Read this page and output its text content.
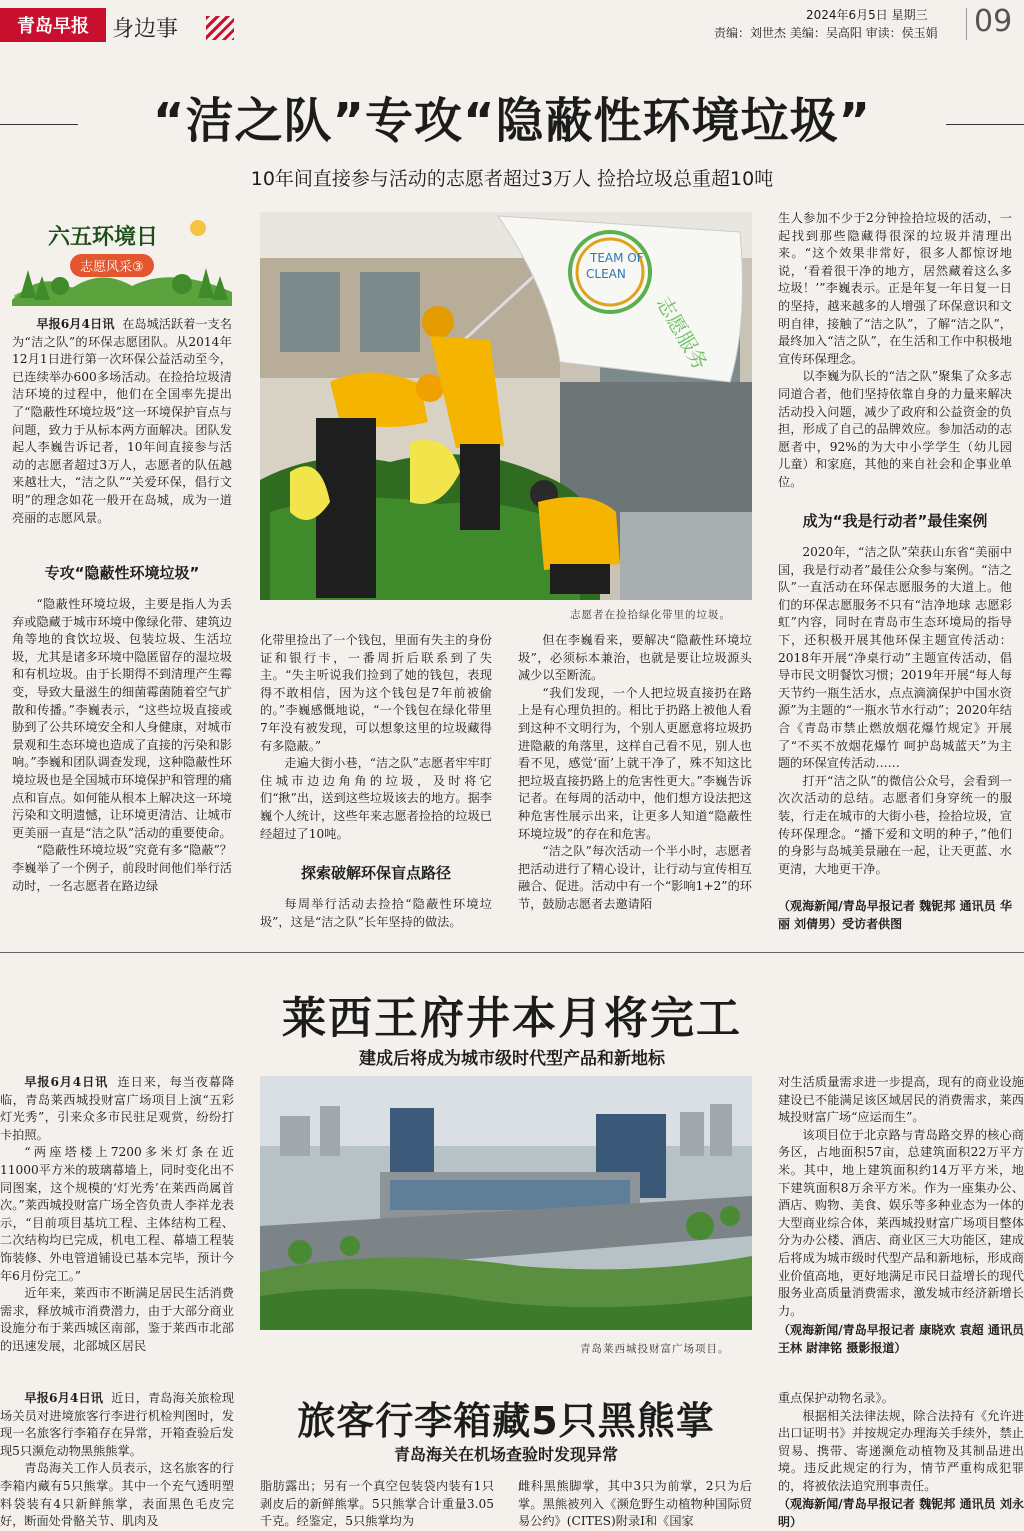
青岛早报	身边事
2024年6月5日 星期三
责编：刘世杰 美编：吴高阳 审读：侯玉娟 09
“洁之队”专攻“隐蔽性环境垃圾”
10年间直接参与活动的志愿者超过3万人 捡拾垃圾总重超10吨
六五环境日
志愿风采③

早报6月4日讯 在岛城活跃着一支名为“洁之队”的环保志愿团队。从2014年12月1日进行第一次环保公益活动至今，已连续举办600多场活动。在捡拾垃圾清洁环境的过程中，他们在全国率先提出了“隐蔽性环境垃圾”这一环境保护盲点与问题，致力于从标本两方面解决。团队发起人李巍告诉记者，10年间直接参与活动的志愿者超过3万人，志愿者的队伍越来越壮大，“洁之队”“关爱环保，倡行文明”的理念如花一般开在岛城，成为一道亮丽的志愿风景。

专攻“隐蔽性环境垃圾”

“隐蔽性环境垃圾，主要是指人为丢弃或隐藏于城市环境中像绿化带、建筑边角等地的食饮垃圾、包装垃圾、生活垃圾，尤其是诸多环境中隐匿留存的湿垃圾和有机垃圾。由于长期得不到清理产生霉变，导致大量滋生的细菌霉菌随着空气扩散和传播。”李巍表示，“这些垃圾直接或胁到了公共环境安全和人身健康，对城市景观和生态环境也造成了直接的污染和影响。”李巍和团队调查发现，这种隐蔽性环境垃圾也是全国城市环境保护和管理的痛点和盲点。如何能从根本上解决这一环境污染和文明遗憾，让环境更清洁、让城市更美丽一直是“洁之队”活动的重要使命。

“隐蔽性环境垃圾”究竟有多“隐蔽”？李巍举了一个例子，前段时间他们举行活动时，一名志愿者在路边绿

TEAM OF
CLEAN
志愿服务
志愿者在捡拾绿化带里的垃圾。

化带里捡出了一个钱包，里面有失主的身份证和银行卡，一番周折后联系到了失主。“失主听说我们捡到了她的钱包，表现得不敢相信，因为这个钱包是7年前被偷的。”李巍感慨地说，“一个钱包在绿化带里7年没有被发现，可以想象这里的垃圾藏得有多隐蔽。”

走遍大街小巷，“洁之队”志愿者牢牢盯住城市边边角角的垃圾，及时将它们“揪”出，送到这些垃圾该去的地方。据李巍个人统计，这些年来志愿者捡拾的垃圾已经超过了10吨。

探索破解环保盲点路径

每周举行活动去捡拾“隐蔽性环境垃圾”，这是“洁之队”长年坚持的做法。

但在李巍看来，要解决“隐蔽性环境垃圾”，必须标本兼治，也就是要让垃圾源头减少以至断流。

“我们发现，一个人把垃圾直接扔在路上是有心理负担的。相比于扔路上被他人看到这种不文明行为，个别人更愿意将垃圾扔进隐蔽的角落里，这样自己看不见，别人也看不见，感觉‘面’上就干净了，殊不知这比把垃圾直接扔路上的危害性更大。”李巍告诉记者。在每周的活动中，他们想方设法把这种危害性展示出来，让更多人知道“隐蔽性环境垃圾”的存在和危害。

“洁之队”每次活动一个半小时，志愿者把活动进行了精心设计，让行动与宣传相互融合、促进。活动中有一个“影响1+2”的环节，鼓励志愿者去邀请陌

生人参加不少于2分钟捡拾垃圾的活动，一起找到那些隐藏得很深的垃圾并清理出来。“这个效果非常好，很多人都惊讶地说，‘看着很干净的地方，居然藏着这么多垃圾！’”李巍表示。正是年复一年日复一日的坚持，越来越多的人增强了环保意识和文明自律，接触了“洁之队”，了解“洁之队”，最终加入“洁之队”，在生活和工作中积极地宣传环保理念。

以李巍为队长的“洁之队”聚集了众多志同道合者，他们坚持依靠自身的力量来解决活动投入问题，减少了政府和公益资金的负担，形成了自己的品牌效应。参加活动的志愿者中，92%的为大中小学学生（幼儿园儿童）和家庭，其他的来自社会和企事业单位。

成为“我是行动者”最佳案例

2020年，“洁之队”荣获山东省“美丽中国，我是行动者”最佳公众参与案例。“洁之队”一直活动在环保志愿服务的大道上。他们的环保志愿服务不只有“洁净地球 志愿彩虹”内容，同时在青岛市生态环境局的指导下，还积极开展其他环保主题宣传活动：2018年开展“净桌行动”主题宣传活动，倡导市民文明餐饮习惯；2019年开展“每人每天节约一瓶生活水，点点滴滴保护中国水资源”为主题的“一瓶水节水行动”；2020年结合《青岛市禁止燃放烟花爆竹规定》开展了“不买不放烟花爆竹 呵护岛城蓝天”为主题的环保宣传活动……

打开“洁之队”的微信公众号，会看到一次次活动的总结。志愿者们身穿统一的服装，行走在城市的大街小巷，捡拾垃圾，宣传环保理念。“播下爱和文明的种子，”他们的身影与岛城美景融在一起，让天更蓝、水更清，大地更干净。

（观海新闻/青岛早报记者 魏铌邦 通讯员 华丽 刘倩男）受访者供图
莱西王府井本月将完工
建成后将成为城市级时代型产品和新地标

早报6月4日讯 连日来，每当夜幕降临，青岛莱西城投财富广场项目上演“五彩灯光秀”，引来众多市民驻足观赏，纷纷打卡拍照。

“两座塔楼上7200多米灯条在近11000平方米的玻璃幕墙上，同时变化出不同图案，这个规模的‘灯光秀’在莱西尚属首次。”莱西城投财富广场全咨负责人李祥龙表示，“目前项目基坑工程、主体结构工程、二次结构均已完成，机电工程、幕墙工程装饰装修、外电管道铺设已基本完毕，预计今年6月份完工。”

近年来，莱西市不断满足居民生活消费需求，释放城市消费潜力，由于大部分商业设施分布于莱西城区南部，鉴于莱西市北部的迅速发展，北部城区居民	青岛莱西城投财富广场项目。

对生活质量需求进一步提高，现有的商业设施建设已不能满足该区域居民的消费需求，莱西城投财富广场“应运而生”。

该项目位于北京路与青岛路交界的核心商务区，占地面积57亩，总建筑面积22万平方米。其中，地上建筑面积约14万平方米，地下建筑面积8万余平方米。作为一座集办公、酒店、购物、美食、娱乐等多种业态为一体的大型商业综合体，莱西城投财富广场项目整体分为办公楼、酒店、商业区三大功能区，建成后将成为城市级时代型产品和新地标，形成商业价值高地，更好地满足市民日益增长的现代服务业高质量消费需求，激发城市经济新增长力。

（观海新闻/青岛早报记者 康晓欢 袁超 通讯员 王林 尉津铭 摄影报道）
旅客行李箱藏5只黑熊掌
青岛海关在机场查验时发现异常

早报6月4日讯 近日，青岛海关旅检现场关员对进境旅客行李进行机检判图时，发现一名旅客行李箱存在异常，开箱查验后发现5只濒危动物黑熊熊掌。

青岛海关工作人员表示，这名旅客的行李箱内藏有5只熊掌。其中一个充气透明塑料袋装有4只新鲜熊掌，表面黑色毛皮完好，断面处骨骼关节、肌肉及

脂肪露出；另有一个真空包装袋内装有1只剥皮后的新鲜熊掌。5只熊掌合计重量3.05千克。经鉴定，5只熊掌均为

雌科黑熊脚掌，其中3只为前掌，2只为后掌。黑熊被列入《濒危野生动植物种国际贸易公约》(CITES)附录Ⅰ和《国家

重点保护动物名录》。

根据相关法律法规，除合法持有《允许进出口证明书》并按规定办理海关手续外，禁止贸易、携带、寄递濒危动植物及其制品进出境。违反此规定的行为，情节严重构成犯罪的，将被依法追究刑事责任。

（观海新闻/青岛早报记者 魏铌邦 通讯员 刘永明）
